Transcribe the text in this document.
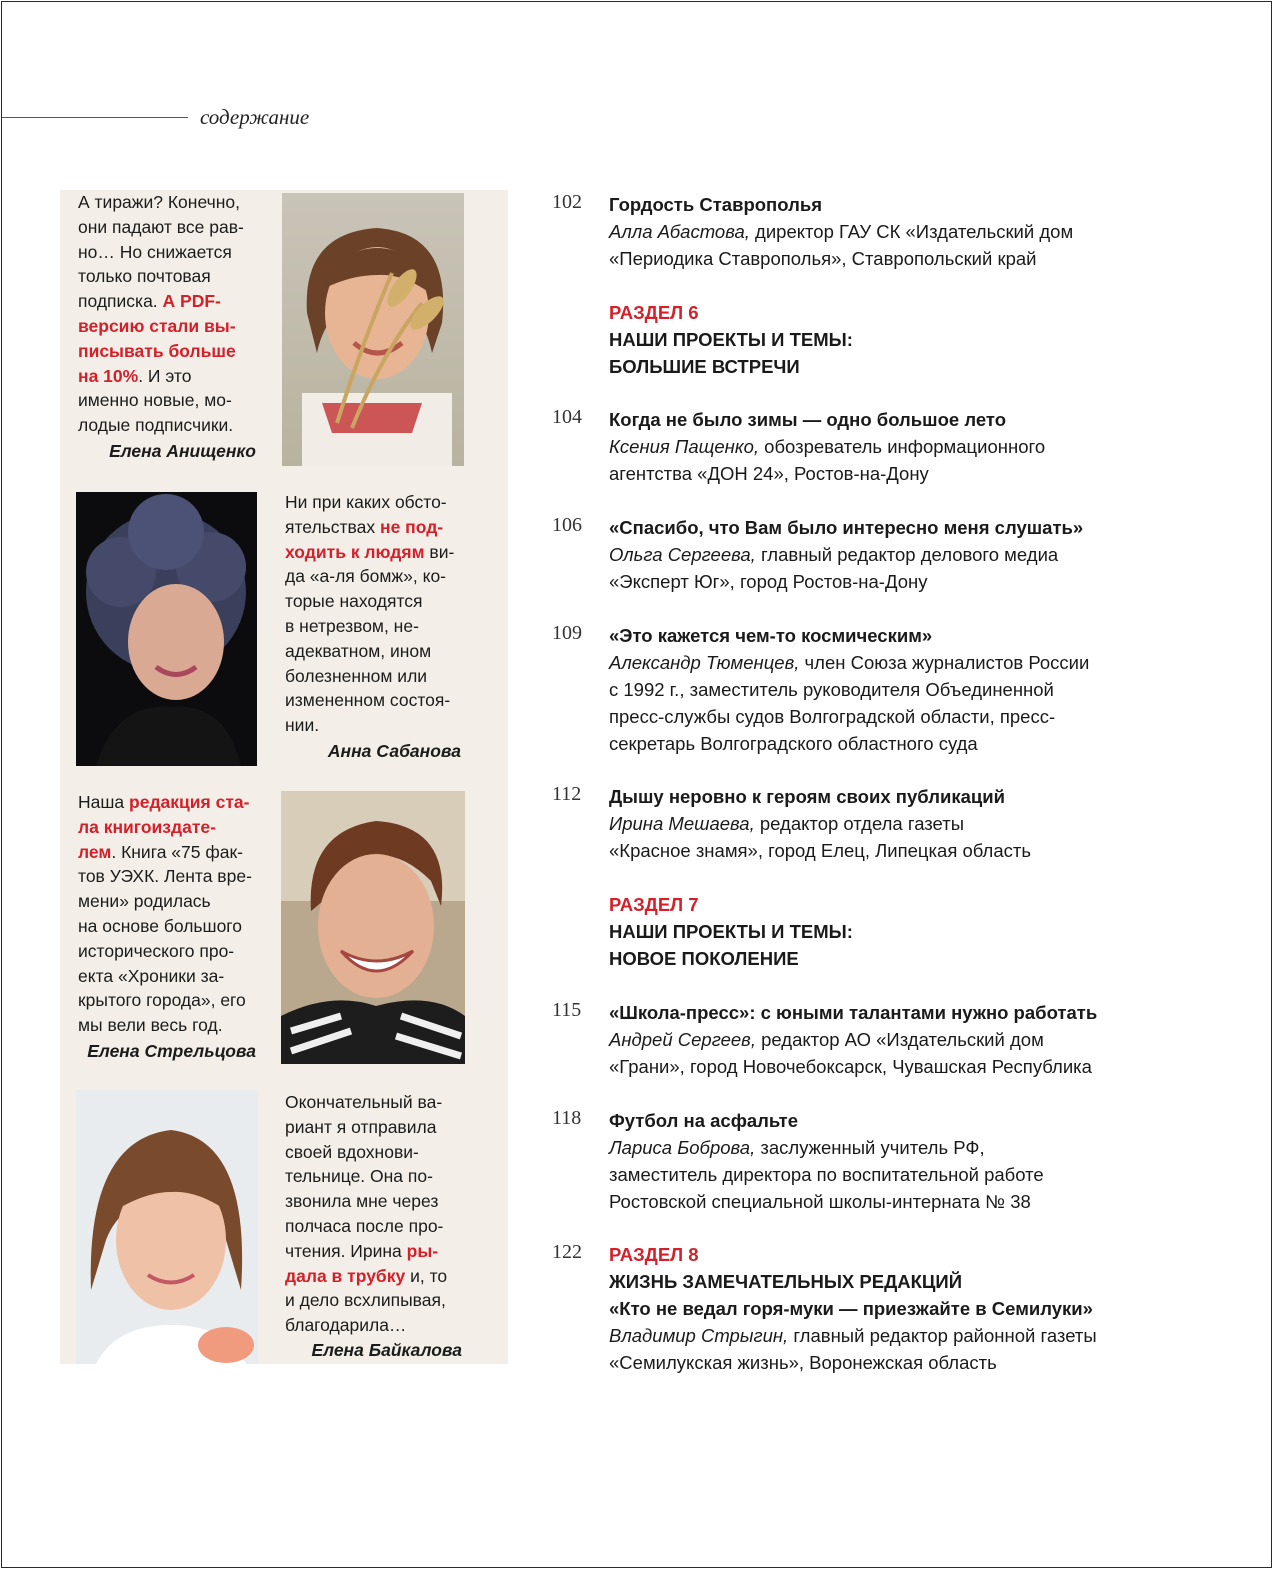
содержание
А тиражи? Конечно,
они падают все рав-
но… Но снижается
только почтовая
подписка. А PDF-
версию стали вы-
писывать больше
на 10%. И это
именно новые, мо-
лодые подписчики.
Елена Анищенко
Ни при каких обсто-
ятельствах не под-
ходить к людям ви-
да «а-ля бомж», ко-
торые находятся
в нетрезвом, не-
адекватном, ином
болезненном или
измененном состоя-
нии.
Анна Сабанова
Наша редакция ста-
ла книгоиздате-
лем. Книга «75 фак-
тов УЭХК. Лента вре-
мени» родилась
на основе большого
исторического про-
екта «Хроники за-
крытого города», его
мы вели весь год.
Елена Стрельцова
Окончательный ва-
риант я отправила
своей вдохнови-
тельнице. Она по-
звонила мне через
полчаса после про-
чтения. Ирина ры-
дала в трубку и, то
и дело всхлипывая,
благодарила…
Елена Байкалова
102 Гордость Ставрополья
Алла Абастова, директор ГАУ СК «Издательский дом
«Периодика Ставрополья», Ставропольский край
РАЗДЕЛ 6
НАШИ ПРОЕКТЫ И ТЕМЫ:
БОЛЬШИЕ ВСТРЕЧИ
104 Когда не было зимы — одно большое лето
Ксения Пащенко, обозреватель информационного
агентства «ДОН 24», Ростов-на-Дону
106 «Спасибо, что Вам было интересно меня слушать»
Ольга Сергеева, главный редактор делового медиа
«Эксперт Юг», город Ростов-на-Дону
109 «Это кажется чем-то космическим»
Александр Тюменцев, член Союза журналистов России
с 1992 г., заместитель руководителя Объединенной
пресс-службы судов Волгоградской области, пресс-
секретарь Волгоградского областного суда
112 Дышу неровно к героям своих публикаций
Ирина Мешаева, редактор отдела газеты
«Красное знамя», город Елец, Липецкая область
РАЗДЕЛ 7
НАШИ ПРОЕКТЫ И ТЕМЫ:
НОВОЕ ПОКОЛЕНИЕ
115 «Школа-пресс»: с юными талантами нужно работать
Андрей Сергеев, редактор АО «Издательский дом
«Грани», город Новочебоксарск, Чувашская Республика
118 Футбол на асфальте
Лариса Боброва, заслуженный учитель РФ,
заместитель директора по воспитательной работе
Ростовской специальной школы-интерната № 38
122 РАЗДЕЛ 8
ЖИЗНЬ ЗАМЕЧАТЕЛЬНЫХ РЕДАКЦИЙ
«Кто не ведал горя-муки — приезжайте в Семилуки»
Владимир Стрыгин, главный редактор районной газеты
«Семилукская жизнь», Воронежская область
